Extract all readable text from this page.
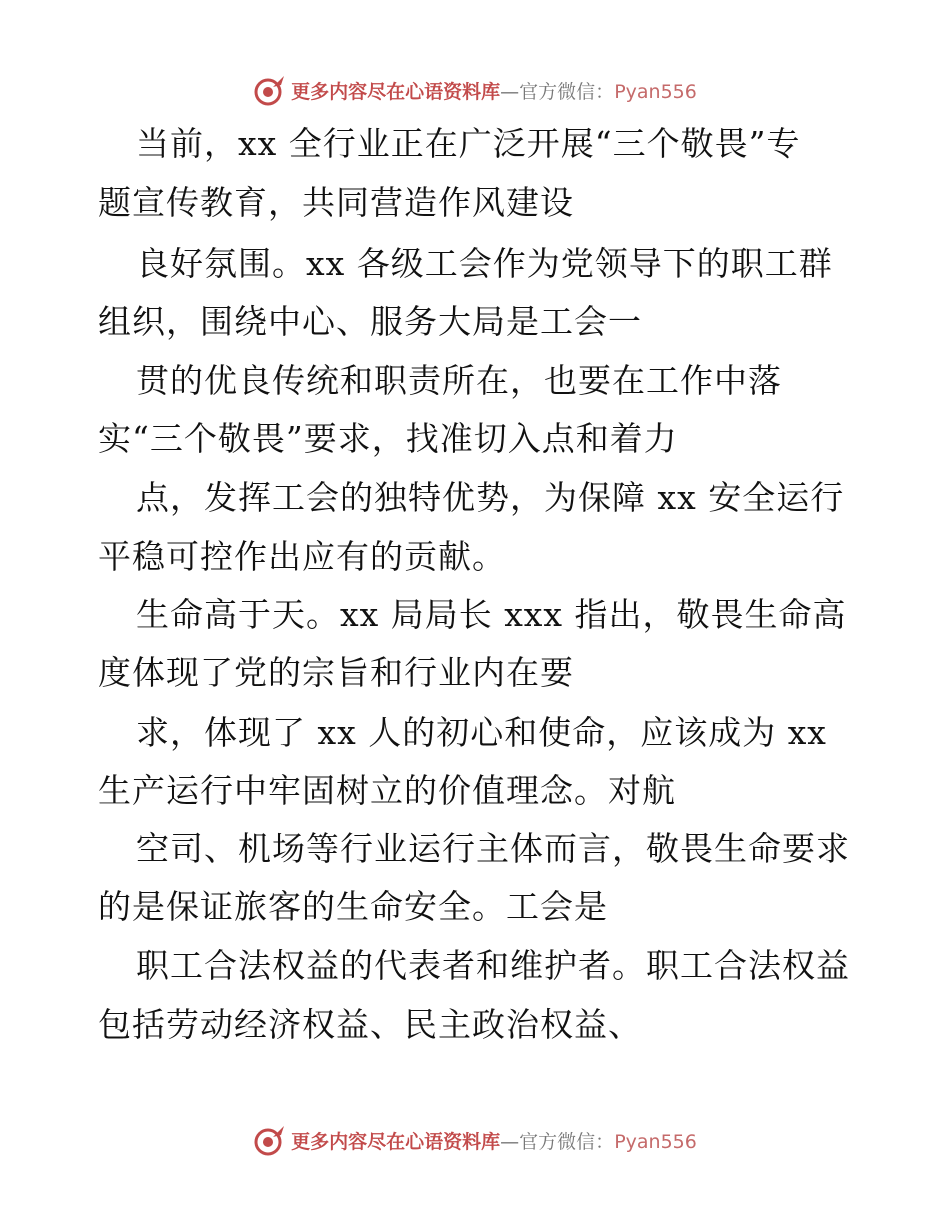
更多内容尽在心语资料库—官方微信：Pyan556
当前，xx 全行业正在广泛开展“三个敬畏”专
题宣传教育，共同营造作风建设
良好氛围。xx 各级工会作为党领导下的职工群
组织，围绕中心、服务大局是工会一
贯的优良传统和职责所在，也要在工作中落
实“三个敬畏”要求，找准切入点和着力
点，发挥工会的独特优势，为保障 xx 安全运行
平稳可控作出应有的贡献。
生命高于天。xx 局局长 xxx 指出，敬畏生命高
度体现了党的宗旨和行业内在要
求，体现了 xx 人的初心和使命，应该成为 xx
生产运行中牢固树立的价值理念。对航
空司、机场等行业运行主体而言，敬畏生命要求
的是保证旅客的生命安全。工会是
职工合法权益的代表者和维护者。职工合法权益
包括劳动经济权益、民主政治权益、
更多内容尽在心语资料库—官方微信：Pyan556
